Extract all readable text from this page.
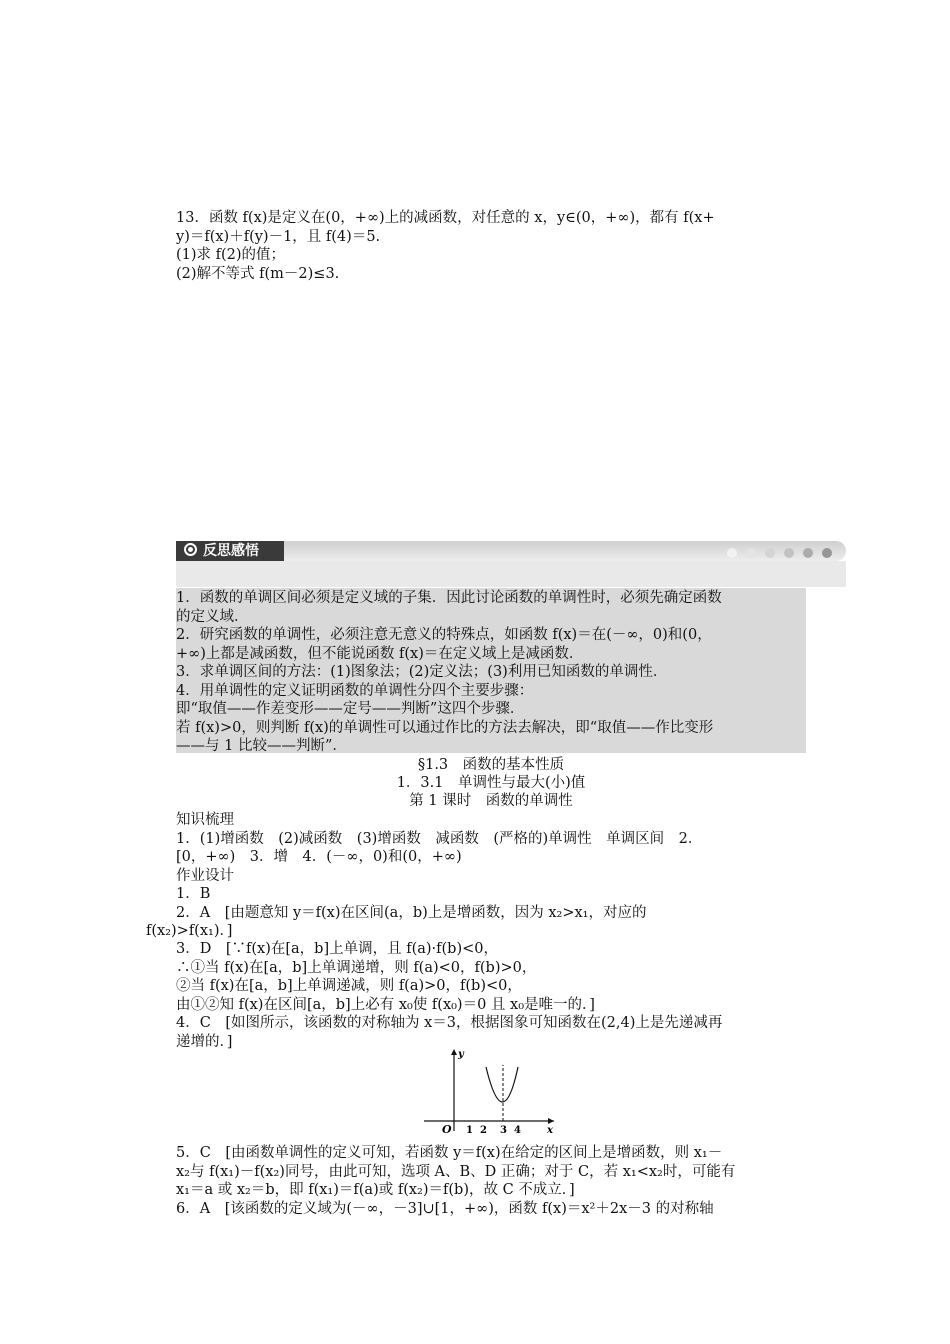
13．函数 f(x)是定义在(0，+∞)上的减函数，对任意的 x，y∈(0，+∞)，都有 f(x+

y)＝f(x)＋f(y)－1，且 f(4)＝5.

(1)求 f(2)的值；

(2)解不等式 f(m－2)≤3.

反思感悟

1．函数的单调区间必须是定义域的子集．因此讨论函数的单调性时，必须先确定函数

的定义域．

2．研究函数的单调性，必须注意无意义的特殊点，如函数 f(x)＝在(－∞，0)和(0，

+∞)上都是减函数，但不能说函数 f(x)＝在定义域上是减函数．

3．求单调区间的方法：(1)图象法；(2)定义法；(3)利用已知函数的单调性．

4．用单调性的定义证明函数的单调性分四个主要步骤：

即“取值——作差变形——定号——判断”这四个步骤．

若 f(x)>0，则判断 f(x)的单调性可以通过作比的方法去解决，即“取值——作比变形

——与 1 比较——判断”．

§1.3　函数的基本性质
1．3.1　单调性与最大(小)值
第 1 课时　函数的单调性

知识梳理

1．(1)增函数　(2)减函数　(3)增函数　减函数　(严格的)单调性　单调区间　2．

[0，+∞)　3．增　4．(－∞，0)和(0，+∞)

作业设计

1．B

2．A　[由题意知 y＝f(x)在区间(a，b)上是增函数，因为 x₂>x₁，对应的

f(x₂)>f(x₁)．]

3．D　[∵f(x)在[a，b]上单调，且 f(a)·f(b)<0，

∴①当 f(x)在[a，b]上单调递增，则 f(a)<0，f(b)>0，

②当 f(x)在[a，b]上单调递减，则 f(a)>0，f(b)<0，

由①②知 f(x)在区间[a，b]上必有 x₀使 f(x₀)＝0 且 x₀是唯一的．]

4．C　[如图所示，该函数的对称轴为 x＝3，根据图象可知函数在(2,4)上是先递减再

递增的．]

y
x
O 1 2 3 4

5．C　[由函数单调性的定义可知，若函数 y＝f(x)在给定的区间上是增函数，则 x₁－

x₂与 f(x₁)－f(x₂)同号，由此可知，选项 A、B、D 正确；对于 C，若 x₁<x₂时，可能有

x₁＝a 或 x₂＝b，即 f(x₁)＝f(a)或 f(x₂)＝f(b)，故 C 不成立．]

6．A　[该函数的定义域为(－∞，－3]∪[1，+∞)，函数 f(x)＝x²＋2x－3 的对称轴
